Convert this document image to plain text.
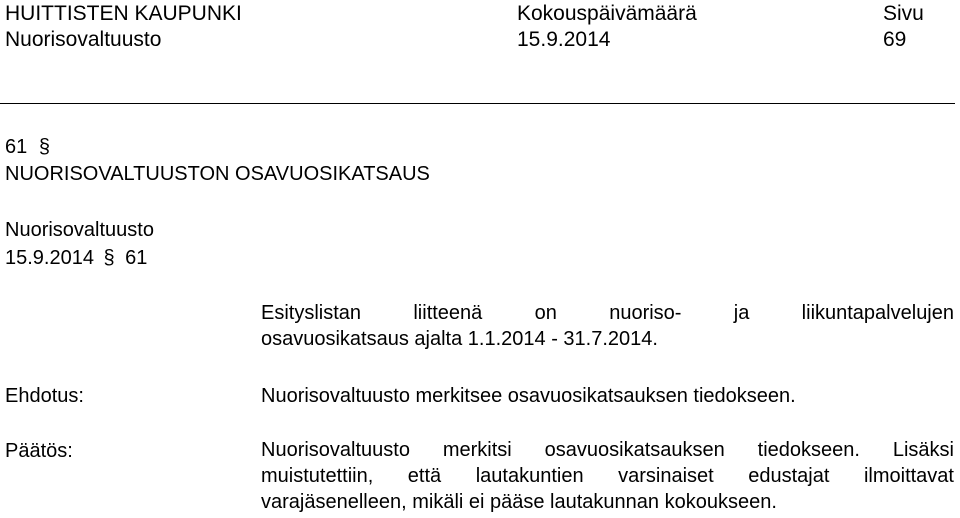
HUITTISTEN KAUPUNKI	Kokouspäivämäärä	Sivu
Nuorisovaltuusto	15.9.2014	69
61 §
NUORISOVALTUUSTON OSAVUOSIKATSAUS
Nuorisovaltuusto
15.9.2014 § 61
Esityslistan liitteenä on nuoriso- ja liikuntapalvelujen
osavuosikatsaus ajalta 1.1.2014 - 31.7.2014.
Ehdotus:	Nuorisovaltuusto merkitsee osavuosikatsauksen tiedokseen.
Päätös:	Nuorisovaltuusto merkitsi osavuosikatsauksen tiedokseen. Lisäksi
muistutettiin, että lautakuntien varsinaiset edustajat ilmoittavat
varajäsenelleen, mikäli ei pääse lautakunnan kokoukseen.
